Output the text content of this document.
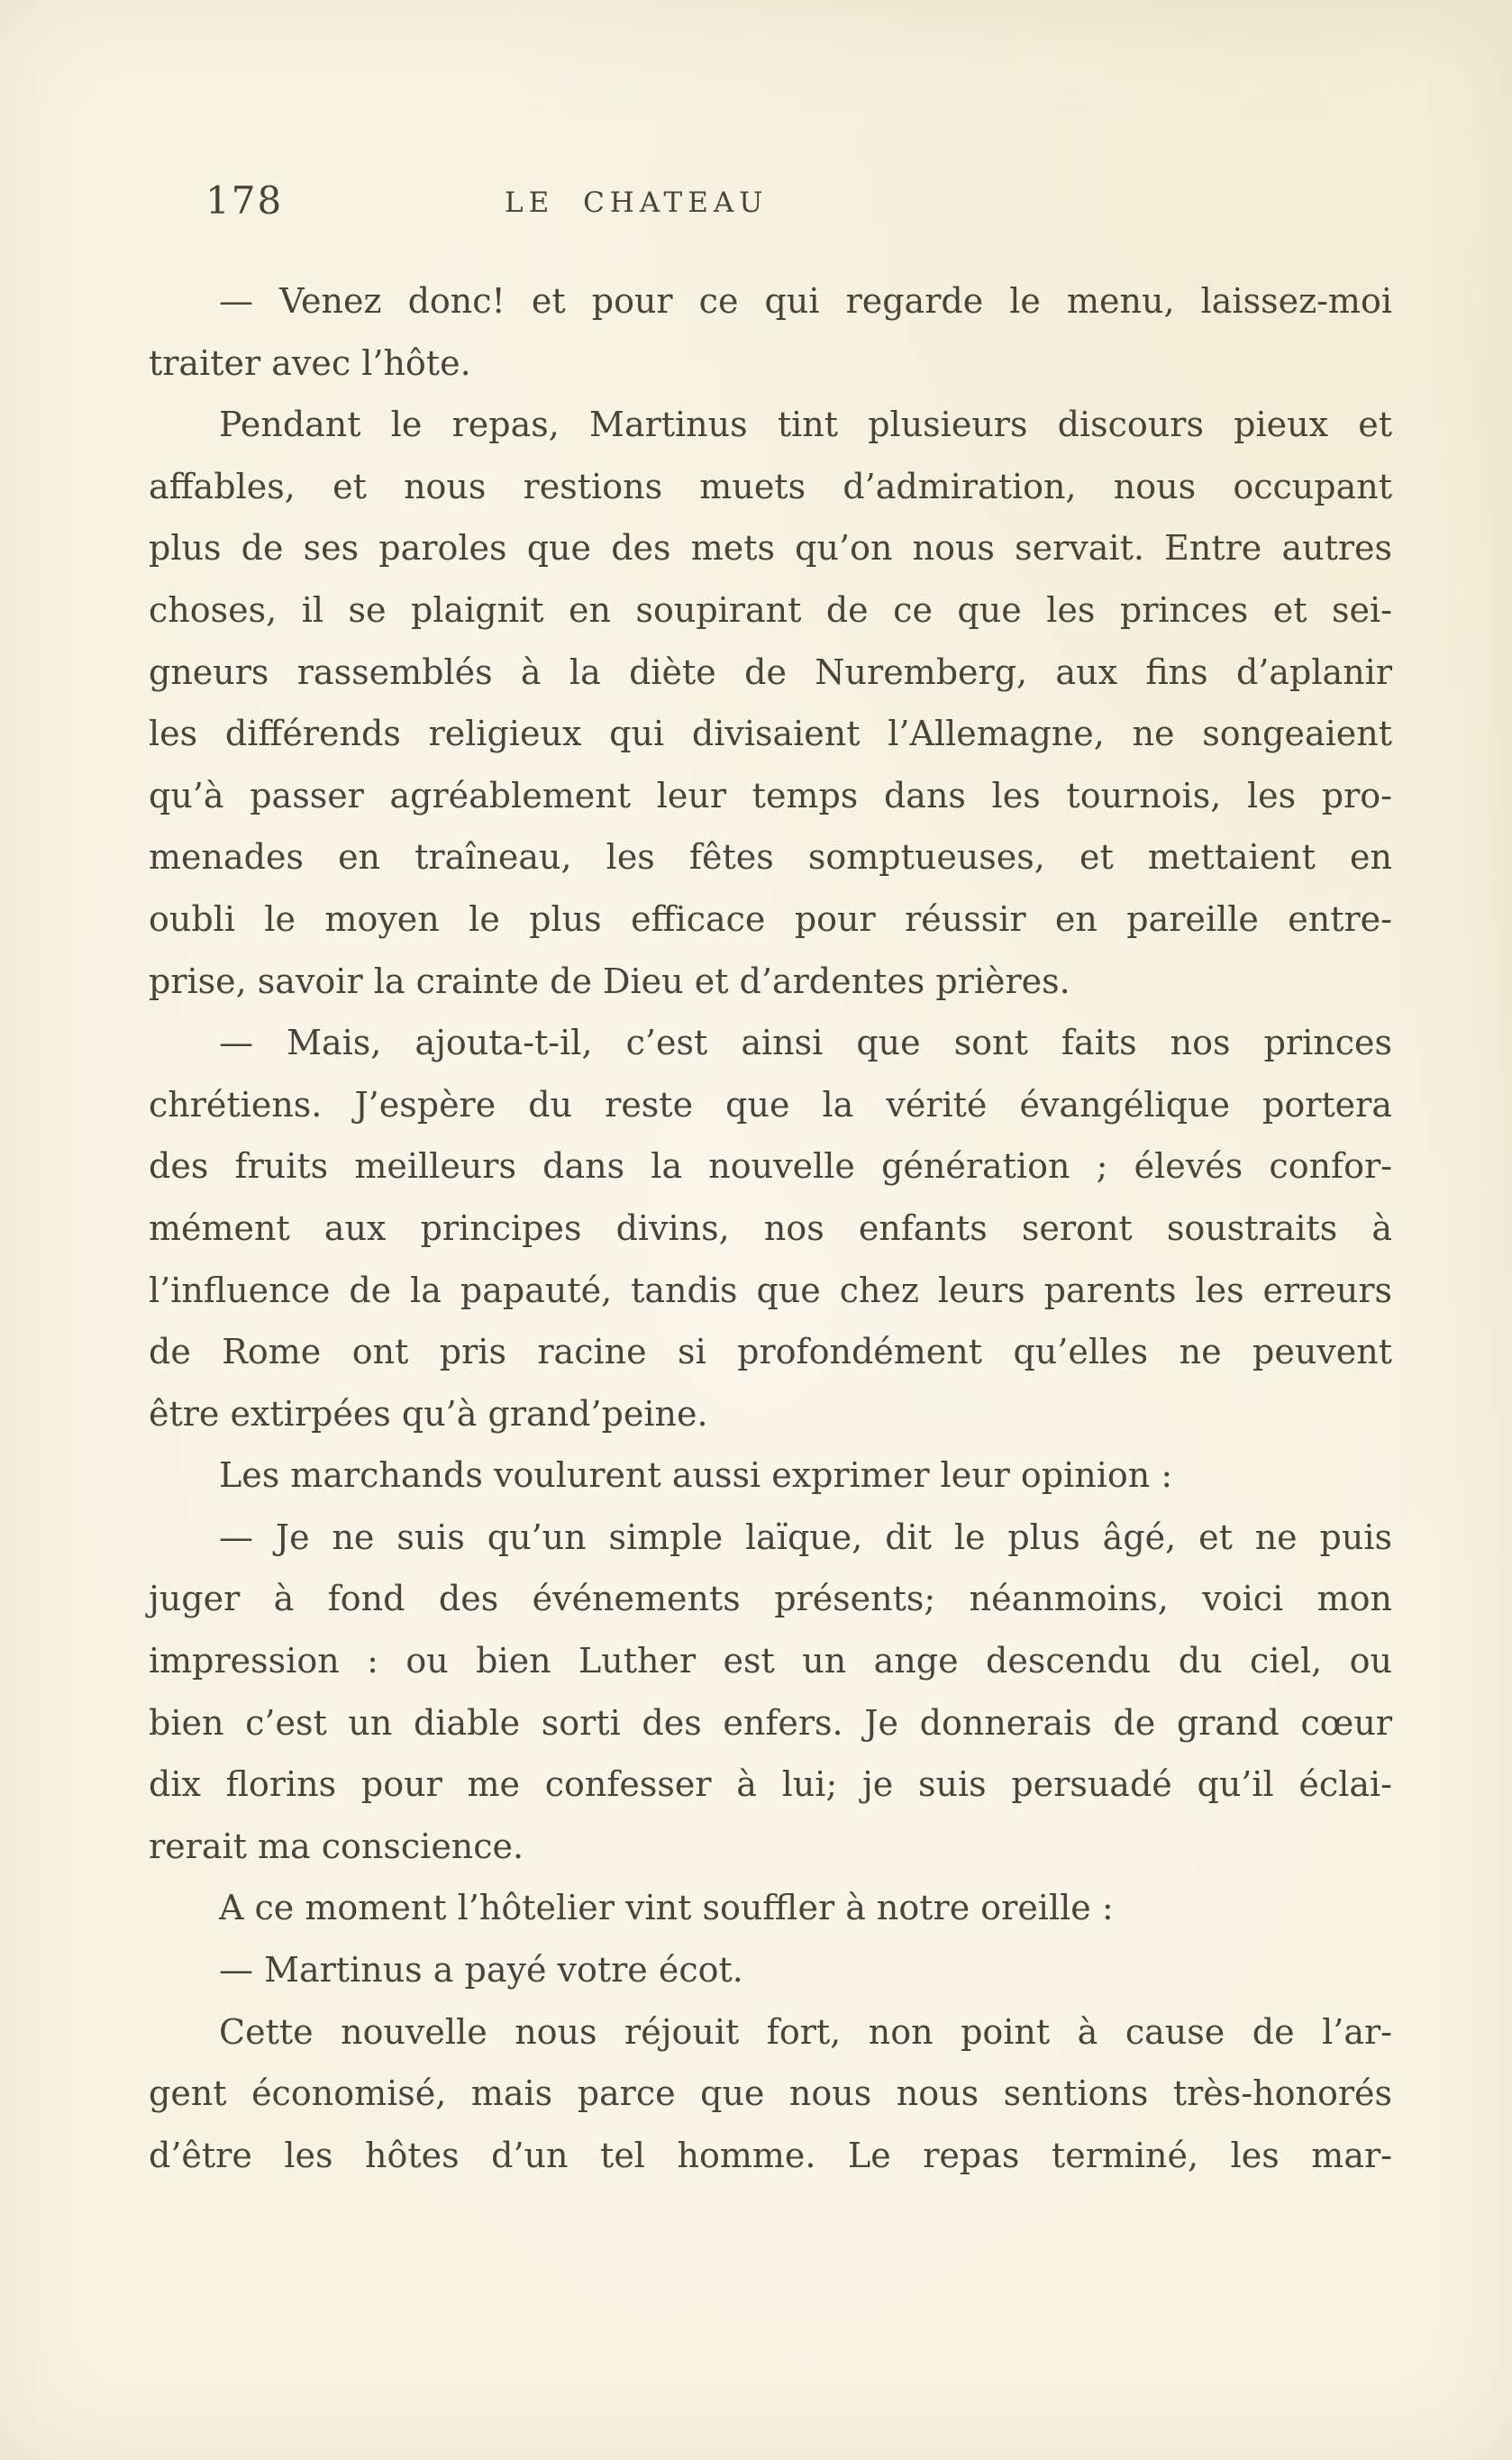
178	LE CHATEAU
— Venez donc! et pour ce qui regarde le menu, laissez-moi
traiter avec l’hôte.
Pendant le repas, Martinus tint plusieurs discours pieux et
affables, et nous restions muets d’admiration, nous occupant
plus de ses paroles que des mets qu’on nous servait. Entre autres
choses, il se plaignit en soupirant de ce que les princes et sei-
gneurs rassemblés à la diète de Nuremberg, aux fins d’aplanir
les différends religieux qui divisaient l’Allemagne, ne songeaient
qu’à passer agréablement leur temps dans les tournois, les pro-
menades en traîneau, les fêtes somptueuses, et mettaient en
oubli le moyen le plus efficace pour réussir en pareille entre-
prise, savoir la crainte de Dieu et d’ardentes prières.
— Mais, ajouta-t-il, c’est ainsi que sont faits nos princes
chrétiens. J’espère du reste que la vérité évangélique portera
des fruits meilleurs dans la nouvelle génération ; élevés confor-
mément aux principes divins, nos enfants seront soustraits à
l’influence de la papauté, tandis que chez leurs parents les erreurs
de Rome ont pris racine si profondément qu’elles ne peuvent
être extirpées qu’à grand’peine.
Les marchands voulurent aussi exprimer leur opinion :
— Je ne suis qu’un simple laïque, dit le plus âgé, et ne puis
juger à fond des événements présents; néanmoins, voici mon
impression : ou bien Luther est un ange descendu du ciel, ou
bien c’est un diable sorti des enfers. Je donnerais de grand cœur
dix florins pour me confesser à lui; je suis persuadé qu’il éclai-
rerait ma conscience.
A ce moment l’hôtelier vint souffler à notre oreille :
— Martinus a payé votre écot.
Cette nouvelle nous réjouit fort, non point à cause de l’ar-
gent économisé, mais parce que nous nous sentions très-honorés
d’être les hôtes d’un tel homme. Le repas terminé, les mar-
